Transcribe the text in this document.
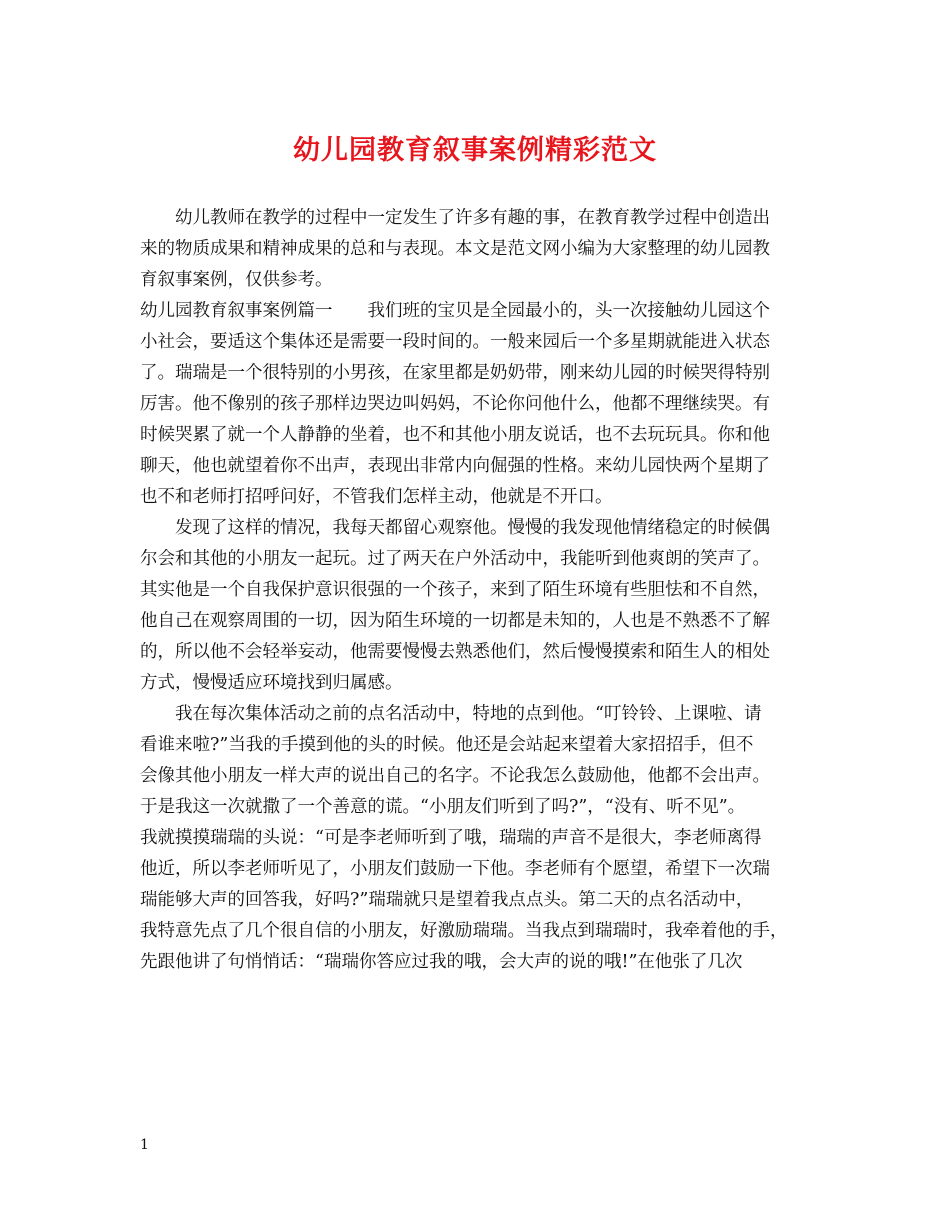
幼儿园教育叙事案例精彩范文
　　幼儿教师在教学的过程中一定发生了许多有趣的事，在教育教学过程中创造出
来的物质成果和精神成果的总和与表现。本文是范文网小编为大家整理的幼儿园教
育叙事案例，仅供参考。
幼儿园教育叙事案例篇一　　我们班的宝贝是全园最小的，头一次接触幼儿园这个
小社会，要适这个集体还是需要一段时间的。一般来园后一个多星期就能进入状态
了。瑞瑞是一个很特别的小男孩，在家里都是奶奶带，刚来幼儿园的时候哭得特别
厉害。他不像别的孩子那样边哭边叫妈妈，不论你问他什么，他都不理继续哭。有
时候哭累了就一个人静静的坐着，也不和其他小朋友说话，也不去玩玩具。你和他
聊天，他也就望着你不出声，表现出非常内向倔强的性格。来幼儿园快两个星期了
也不和老师打招呼问好，不管我们怎样主动，他就是不开口。
　　发现了这样的情况，我每天都留心观察他。慢慢的我发现他情绪稳定的时候偶
尔会和其他的小朋友一起玩。过了两天在户外活动中，我能听到他爽朗的笑声了。
其实他是一个自我保护意识很强的一个孩子，来到了陌生环境有些胆怯和不自然，
他自己在观察周围的一切，因为陌生环境的一切都是未知的，人也是不熟悉不了解
的，所以他不会轻举妄动，他需要慢慢去熟悉他们，然后慢慢摸索和陌生人的相处
方式，慢慢适应环境找到归属感。
　　我在每次集体活动之前的点名活动中，特地的点到他。“叮铃铃、上课啦、请
看谁来啦?”当我的手摸到他的头的时候。他还是会站起来望着大家招招手，但不
会像其他小朋友一样大声的说出自己的名字。不论我怎么鼓励他，他都不会出声。
于是我这一次就撒了一个善意的谎。“小朋友们听到了吗?”，“没有、听不见”。
我就摸摸瑞瑞的头说：“可是李老师听到了哦，瑞瑞的声音不是很大，李老师离得
他近，所以李老师听见了，小朋友们鼓励一下他。李老师有个愿望，希望下一次瑞
瑞能够大声的回答我，好吗?”瑞瑞就只是望着我点点头。第二天的点名活动中，
我特意先点了几个很自信的小朋友，好激励瑞瑞。当我点到瑞瑞时，我牵着他的手，
先跟他讲了句悄悄话：“瑞瑞你答应过我的哦，会大声的说的哦!”在他张了几次
1
